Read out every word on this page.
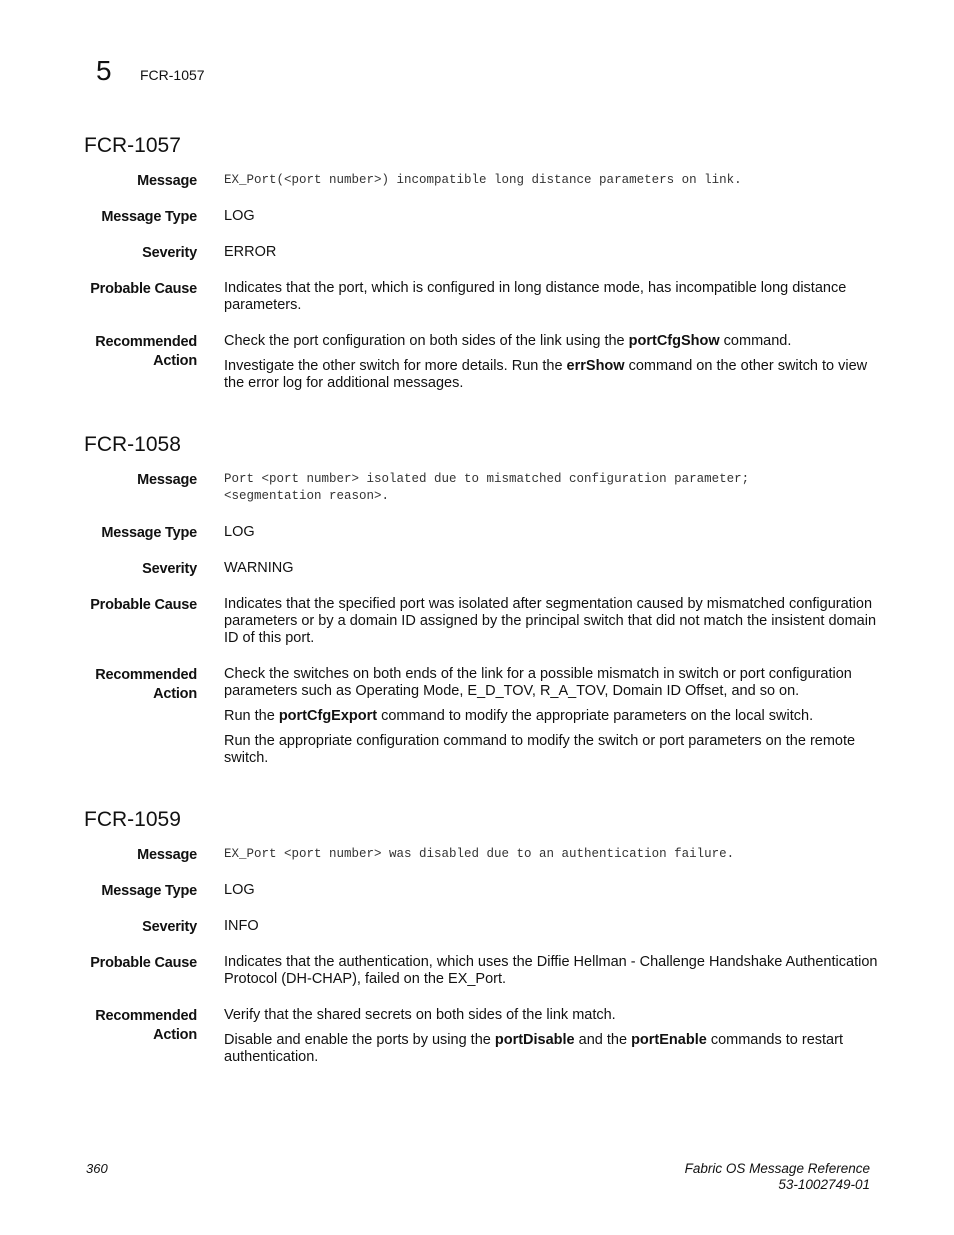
5 FCR-1057
FCR-1057
Message EX_Port(<port number>) incompatible long distance parameters on link.
Message Type LOG
Severity ERROR
Probable Cause Indicates that the port, which is configured in long distance mode, has incompatible long distance parameters.
Recommended
Action

Check the port configuration on both sides of the link using the portCfgShow command.

Investigate the other switch for more details. Run the errShow command on the other switch to view the error log for additional messages.

FCR-1058
Message Port <port number> isolated due to mismatched configuration parameter;
<segmentation reason>.
Message Type LOG
Severity WARNING
Probable Cause Indicates that the specified port was isolated after segmentation caused by mismatched configuration parameters or by a domain ID assigned by the principal switch that did not match the insistent domain ID of this port.
Recommended
Action

Check the switches on both ends of the link for a possible mismatch in switch or port configuration parameters such as Operating Mode, E_D_TOV, R_A_TOV, Domain ID Offset, and so on.

Run the portCfgExport command to modify the appropriate parameters on the local switch.

Run the appropriate configuration command to modify the switch or port parameters on the remote switch.

FCR-1059
Message EX_Port <port number> was disabled due to an authentication failure.
Message Type LOG
Severity INFO
Probable Cause Indicates that the authentication, which uses the Diffie Hellman - Challenge Handshake Authentication Protocol (DH-CHAP), failed on the EX_Port.
Recommended
Action

Verify that the shared secrets on both sides of the link match.

Disable and enable the ports by using the portDisable and the portEnable commands to restart authentication.

360	Fabric OS Message Reference
53-1002749-01
